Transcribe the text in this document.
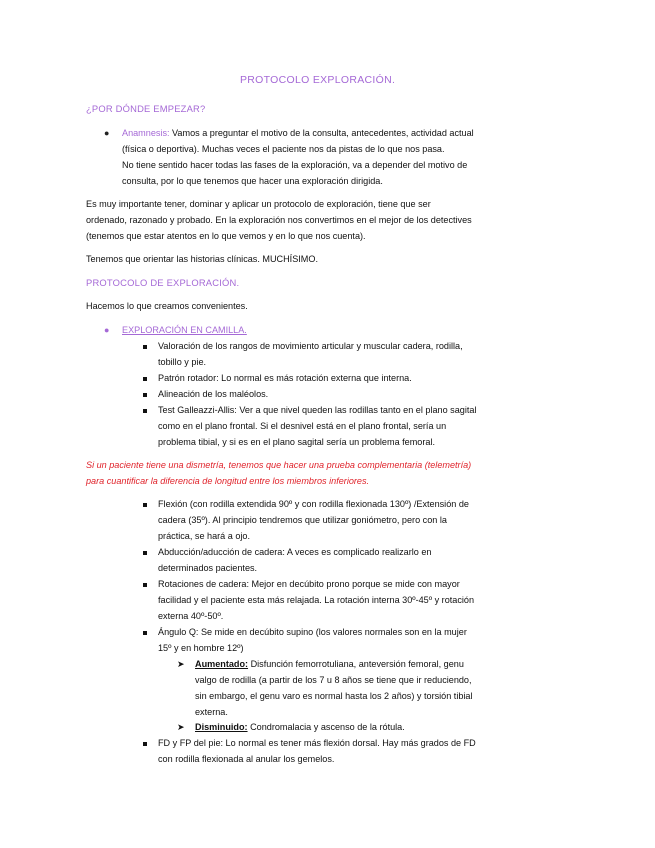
PROTOCOLO EXPLORACIÓN.
¿POR DÓNDE EMPEZAR?
● Anamnesis: Vamos a preguntar el motivo de la consulta, antecedentes, actividad actual
(física o deportiva). Muchas veces el paciente nos da pistas de lo que nos pasa.
No tiene sentido hacer todas las fases de la exploración, va a depender del motivo de
consulta, por lo que tenemos que hacer una exploración dirigida.
Es muy importante tener, dominar y aplicar un protocolo de exploración, tiene que ser
ordenado, razonado y probado. En la exploración nos convertimos en el mejor de los detectives
(tenemos que estar atentos en lo que vemos y en lo que nos cuenta).
Tenemos que orientar las historias clínicas. MUCHÍSIMO.
PROTOCOLO DE EXPLORACIÓN.
Hacemos lo que creamos convenientes.
● EXPLORACIÓN EN CAMILLA.
Valoración de los rangos de movimiento articular y muscular cadera, rodilla,
tobillo y pie.
Patrón rotador: Lo normal es más rotación externa que interna.
Alineación de los maléolos.
Test Galleazzi-Allis: Ver a que nivel queden las rodillas tanto en el plano sagital
como en el plano frontal. Si el desnivel está en el plano frontal, sería un
problema tibial, y si es en el plano sagital sería un problema femoral.
Si un paciente tiene una dismetría, tenemos que hacer una prueba complementaria (telemetría)
para cuantificar la diferencia de longitud entre los miembros inferiores.
Flexión (con rodilla extendida 90º y con rodilla flexionada 130º) /Extensión de
cadera (35º). Al principio tendremos que utilizar goniómetro, pero con la
práctica, se hará a ojo.
Abducción/aducción de cadera: A veces es complicado realizarlo en
determinados pacientes.
Rotaciones de cadera: Mejor en decúbito prono porque se mide con mayor
facilidad y el paciente esta más relajada. La rotación interna 30º-45º y rotación
externa 40º-50º.
Ángulo Q: Se mide en decúbito supino (los valores normales son en la mujer
15º y en hombre 12º)
➤ Aumentado: Disfunción femorrotuliana, anteversión femoral, genu
valgo de rodilla (a partir de los 7 u 8 años se tiene que ir reduciendo,
sin embargo, el genu varo es normal hasta los 2 años) y torsión tibial
externa.
➤ Disminuido: Condromalacia y ascenso de la rótula.
FD y FP del pie: Lo normal es tener más flexión dorsal. Hay más grados de FD
con rodilla flexionada al anular los gemelos.
